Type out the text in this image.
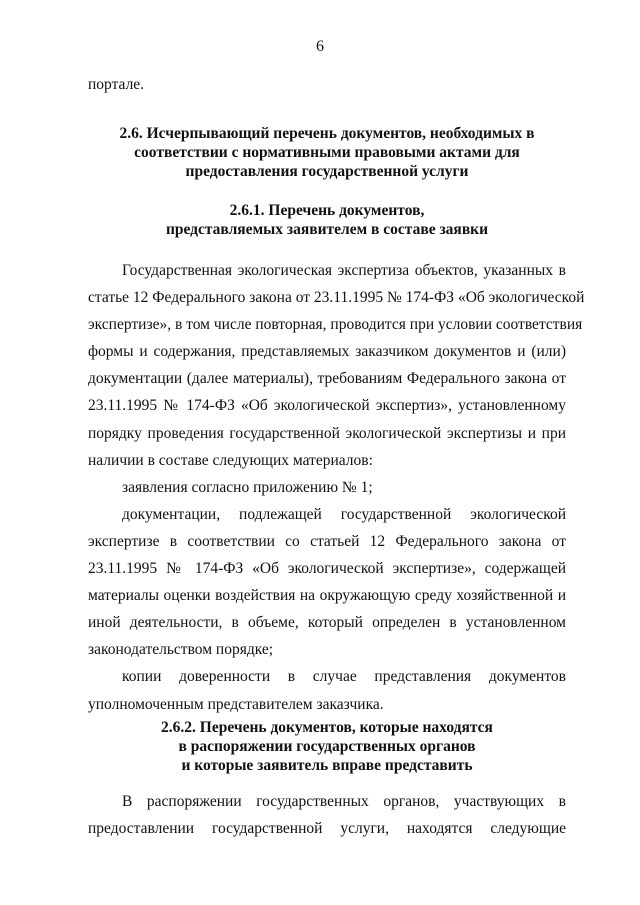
6
порталe.
2.6. Исчерпывающий перечень документов, необходимых в
соответствии с нормативными правовыми актами для
предоставления государственной услуги
2.6.1. Перечень документов,
представляемых заявителем в составе заявки
Государственная экологическая экспертиза объектов, указанных в
статье 12 Федерального закона от 23.11.1995 № 174-ФЗ «Об экологической
экспертизе», в том числе повторная, проводится при условии соответствия
формы и содержания, представляемых заказчиком документов и (или)
документации (далее материалы), требованиям Федерального закона от
23.11.1995 № 174-ФЗ «Об экологической экспертиз», установленному
порядку проведения государственной экологической экспертизы и при
наличии в составе следующих материалов:
заявления согласно приложению № 1;
документации, подлежащей государственной экологической
экспертизе в соответствии со статьей 12 Федерального закона от
23.11.1995 № 174-ФЗ «Об экологической экспертизе», содержащей
материалы оценки воздействия на окружающую среду хозяйственной и
иной деятельности, в объеме, который определен в установленном
законодательством порядке;
копии доверенности в случае представления документов
уполномоченным представителем заказчика.
2.6.2. Перечень документов, которые находятся
в распоряжении государственных органов
и которые заявитель вправе представить
В распоряжении государственных органов, участвующих в
предоставлении государственной услуги, находятся следующие
